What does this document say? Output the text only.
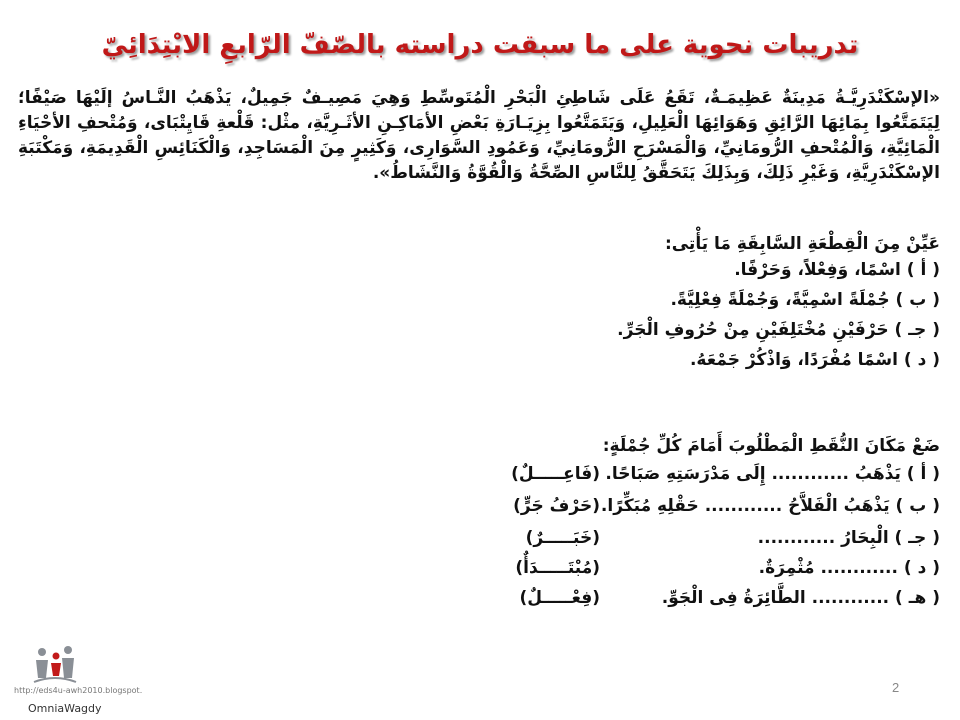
تدريبات نحوية على ما سبقت دراسته بالصّفّ الرّابعِ الابْتِدَائِيّ
«الإسْكَنْدَرِيَّـةُ مَدِينَةٌ عَظِيمَـةٌ، تَقَعُ عَلَى شَاطِئِ الْبَحْرِ الْمُتَوسِّطِ وَهِيَ مَصِيـفٌ جَمِيلٌ، يَذْهَبُ النَّـاسُ إلَيْهَا صَيْفًا؛ لِيَتَمَتَّعُوا بِمَائِهَا الرَّائِقِ وَهَوَائِهَا الْعَلِيلِ، وَيَتَمَتَّعُوا بِزِيَـارَةِ بَعْضِ الأمَاكِـنِ الأثَـرِيَّةِ، مثْل: قَلْعةِ قَايِتْبَاى، وَمُتْحفِ الأحْيَاءِ الْمَائِيَّةِ، وَالْمُتْحفِ الرُّومَانِيِّ، وَالْمَسْرَحِ الرُّومَانِيِّ، وَعَمُودِ السَّوَارِى، وَكَثِيرٍ مِنَ الْمَسَاجِدِ، وَالْكَنَائِسِ الْقَدِيمَةِ، وَمَكْتَبَةِ الإسْكَنْدَرِيَّةِ، وَغَيْرِ ذَلِكَ، وَبِذَلِكَ يَتَحَقَّقُ لِلنَّاسِ الصِّحَّةُ وَالْقُوَّةُ وَالنَّشَاطُ».
عَيِّنْ مِنَ الْقِطْعَةِ السَّابِقَةِ مَا يَأْتِى:
( أ ) اسْمًا، وَفِعْلاً، وَحَرْفًا.
( ب ) جُمْلَةً اسْمِيَّةً، وَجُمْلَةً فِعْلِيَّةً.
( جـ ) حَرْفَيْنِ مُخْتَلِفَيْنِ مِنْ حُرُوفِ الْجَرِّ.
( د ) اسْمًا مُفْرَدًا، وَاذْكُرْ جَمْعَهُ.
ضَعْ مَكَانَ النُّقَطِ الْمَطْلُوبَ أَمَامَ كُلِّ جُمْلَةٍ:
( أ ) يَذْهَبُ ............ إِلَى مَدْرَسَتِهِ صَبَاحًا.
(فَاعِـــــلٌ)
( ب ) يَذْهَبُ الْفَلاَّحُ ............ حَقْلِهِ مُبَكِّرًا.
(حَرْفُ جَرٍّ)
( جـ ) الْبِحَارُ ............
(خَبَـــــرٌ)
( د ) ............ مُثْمِرَةٌ.
(مُبْتَـــــدَأٌ)
( هـ ) ............ الطَّائِرَةُ فِى الْجَوِّ.
(فِعْـــــلٌ)
http://eds4u-awh2010.blogspot.
OmniaWagdy
2
